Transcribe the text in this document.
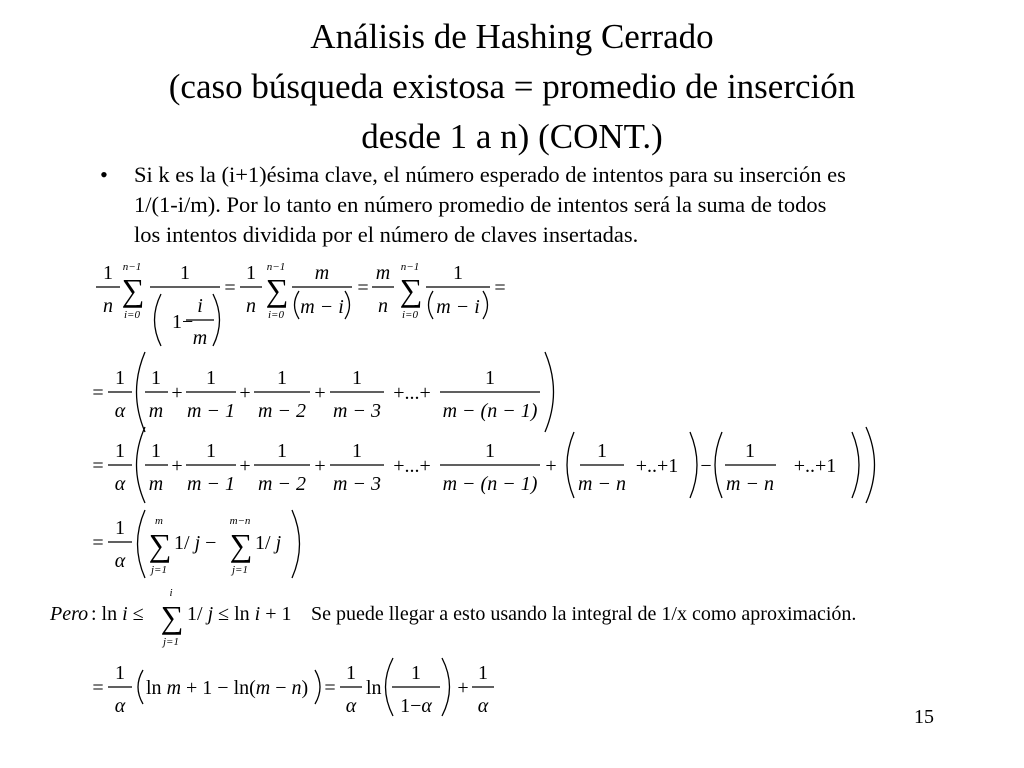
Análisis de Hashing Cerrado
(caso búsqueda existosa = promedio de inserción
desde 1 a n) (CONT.)
• Si k es la (i+1)ésima clave, el número esperado de intentos para su inserción es
1/(1-i/m). Por lo tanto en número promedio de intentos será la suma de todos
los intentos dividida por el número de claves insertadas.
1
n
n−1
∑
i=0
1
1−
i
m
=
1
n
n−1
∑
i=0
m
m − i
=
m
n
n−1
∑
i=0
1
m − i
=
=
1
α
1
m
+
1
m − 1
+
1
m − 2
+
1
m − 3
+...+
1
m − (n − 1)
=
1
α
1
m
+
1
m − 1
+
1
m − 2
+
1
m − 3
+...+
1
m − (n − 1)
+
1
m − n
+..+1 −
1
m − n
+..+1
=
1
α
m
∑
j=1
1/ j −
m−n
∑
j=1
1/ j
Pero : ln i ≤
i
∑
j=1
1/ j ≤ ln i + 1 Se puede llegar a esto usando la integral de 1/x como aproximación.
=
1
α
ln m + 1 − ln(m − n) =
1
α
ln
1
1−α
+
1
α	15
